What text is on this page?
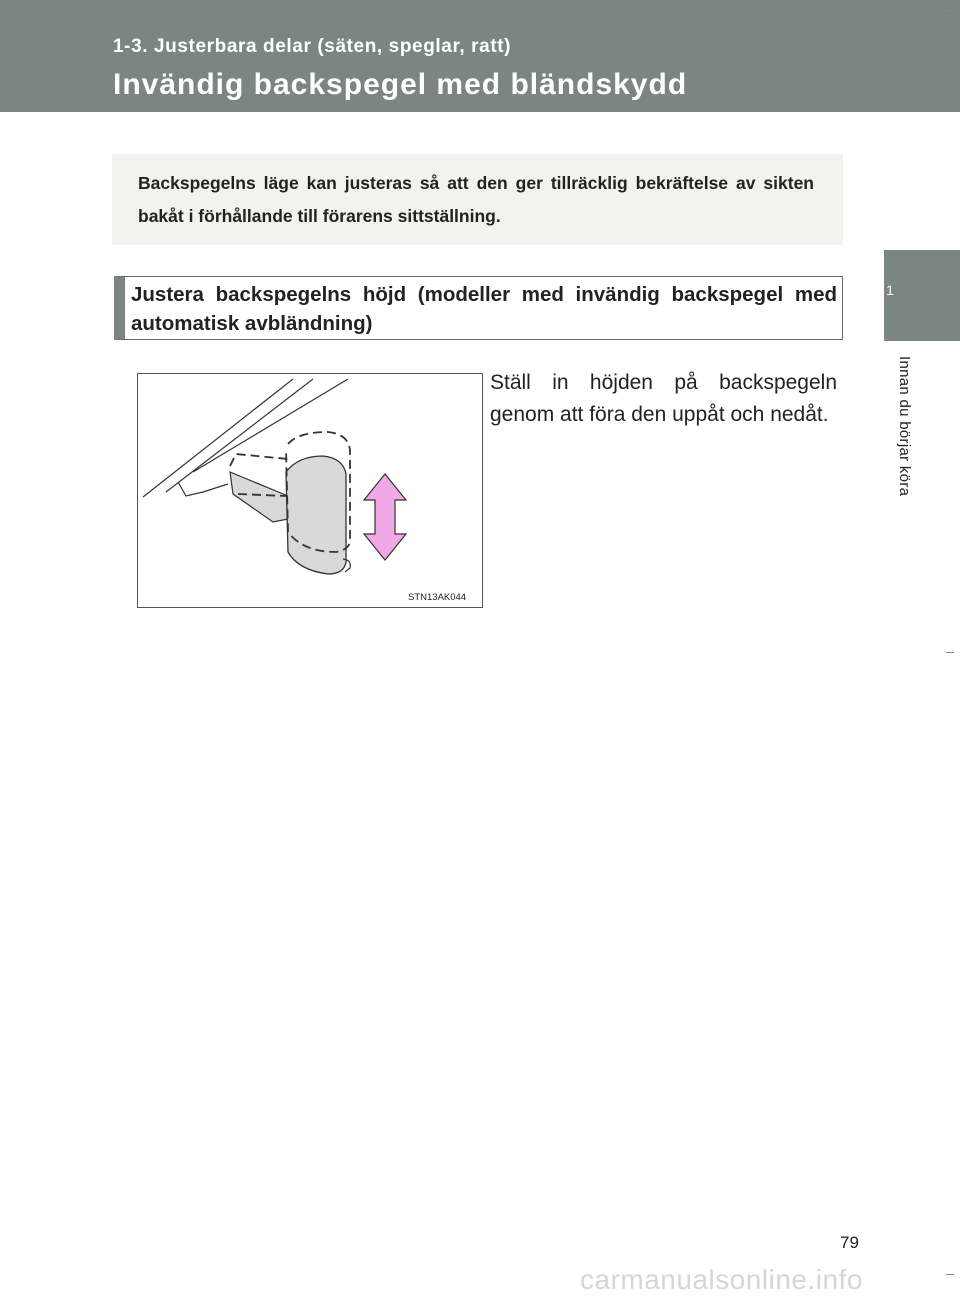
1-3. Justerbara delar (säten, speglar, ratt)
Invändig backspegel med bländskydd
1
Innan du börjar köra
Backspegelns läge kan justeras så att den ger tillräcklig bekräftelse av sikten bakåt i förhållande till förarens sittställning.
Justera backspegelns höjd (modeller med invändig backspegel med automatisk avbländning)
STN13AK044
Ställ in höjden på backspegeln genom att föra den uppåt och nedåt.
79
carmanualsonline.info
